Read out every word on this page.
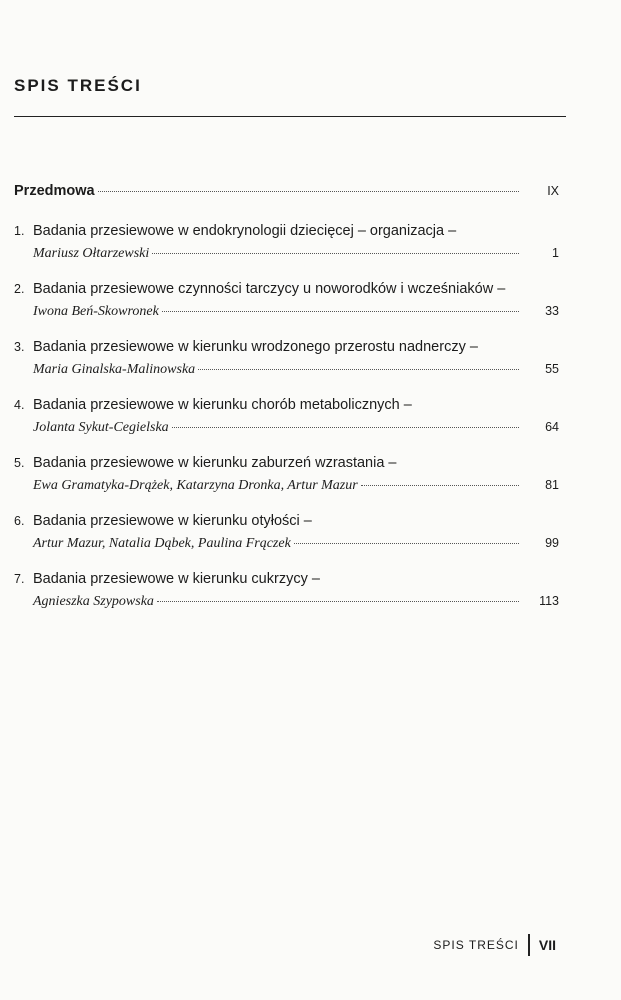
SPIS TREŚCI
Przedmowa	IX
1. Badania przesiewowe w endokrynologii dziecięcej – organizacja –
Mariusz Ołtarzewski	1
2. Badania przesiewowe czynności tarczycy u noworodków i wcześniaków –
Iwona Beń-Skowronek	33
3. Badania przesiewowe w kierunku wrodzonego przerostu nadnerczy –
Maria Ginalska-Malinowska	55
4. Badania przesiewowe w kierunku chorób metabolicznych –
Jolanta Sykut-Cegielska	64
5. Badania przesiewowe w kierunku zaburzeń wzrastania –
Ewa Gramatyka-Drążek, Katarzyna Dronka, Artur Mazur	81
6. Badania przesiewowe w kierunku otyłości –
Artur Mazur, Natalia Dąbek, Paulina Frączek	99
7. Badania przesiewowe w kierunku cukrzycy –
Agnieszka Szypowska	113
SPIS TREŚCI VII
